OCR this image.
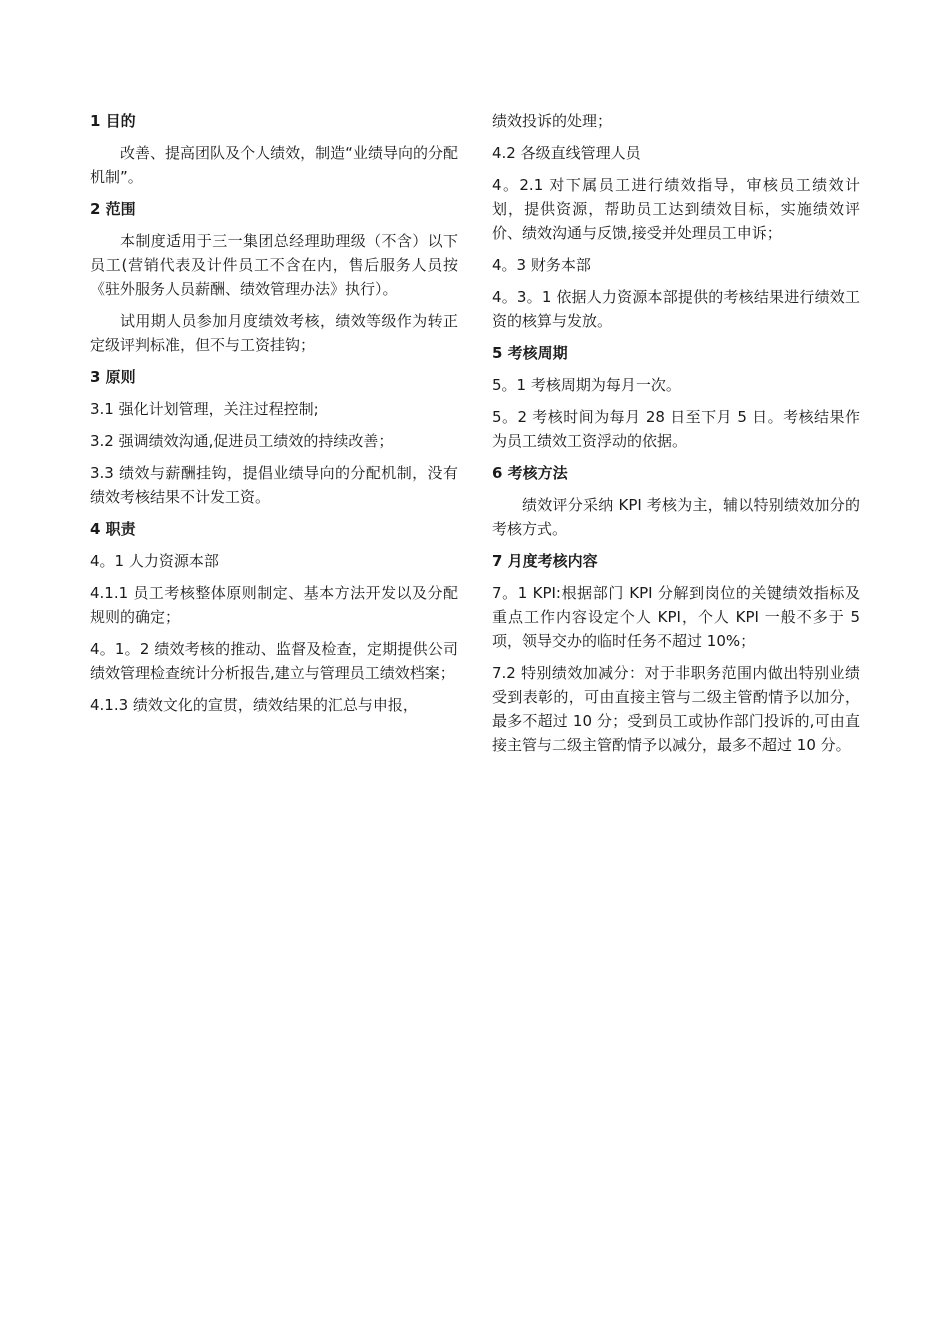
1 目的

改善、提高团队及个人绩效，制造“业绩导向的分配机制”。

2 范围

本制度适用于三一集团总经理助理级（不含）以下员工(营销代表及计件员工不含在内，售后服务人员按《驻外服务人员薪酬、绩效管理办法》执行）。

试用期人员参加月度绩效考核，绩效等级作为转正定级评判标准，但不与工资挂钩；

3 原则

3.1 强化计划管理，关注过程控制;

3.2 强调绩效沟通,促进员工绩效的持续改善；

3.3 绩效与薪酬挂钩，提倡业绩导向的分配机制，没有绩效考核结果不计发工资。

4 职责

4。1 人力资源本部

4.1.1 员工考核整体原则制定、基本方法开发以及分配规则的确定；

4。1。2 绩效考核的推动、监督及检查，定期提供公司绩效管理检查统计分析报告,建立与管理员工绩效档案；

4.1.3 绩效文化的宣贯，绩效结果的汇总与申报，

绩效投诉的处理；

4.2 各级直线管理人员

4。2.1 对下属员工进行绩效指导，审核员工绩效计划，提供资源，帮助员工达到绩效目标，实施绩效评价、绩效沟通与反馈,接受并处理员工申诉；

4。3 财务本部

4。3。1 依据人力资源本部提供的考核结果进行绩效工资的核算与发放。

5 考核周期

5。1 考核周期为每月一次。

5。2 考核时间为每月 28 日至下月 5 日。考核结果作为员工绩效工资浮动的依据。

6 考核方法

绩效评分采纳 KPI 考核为主，辅以特别绩效加分的考核方式。

7 月度考核内容

7。1 KPI:根据部门 KPI 分解到岗位的关键绩效指标及重点工作内容设定个人 KPI，个人 KPI 一般不多于 5 项，领导交办的临时任务不超过 10%；

7.2 特别绩效加减分：对于非职务范围内做出特别业绩受到表彰的，可由直接主管与二级主管酌情予以加分，最多不超过 10 分；受到员工或协作部门投诉的,可由直接主管与二级主管酌情予以减分，最多不超过 10 分。
